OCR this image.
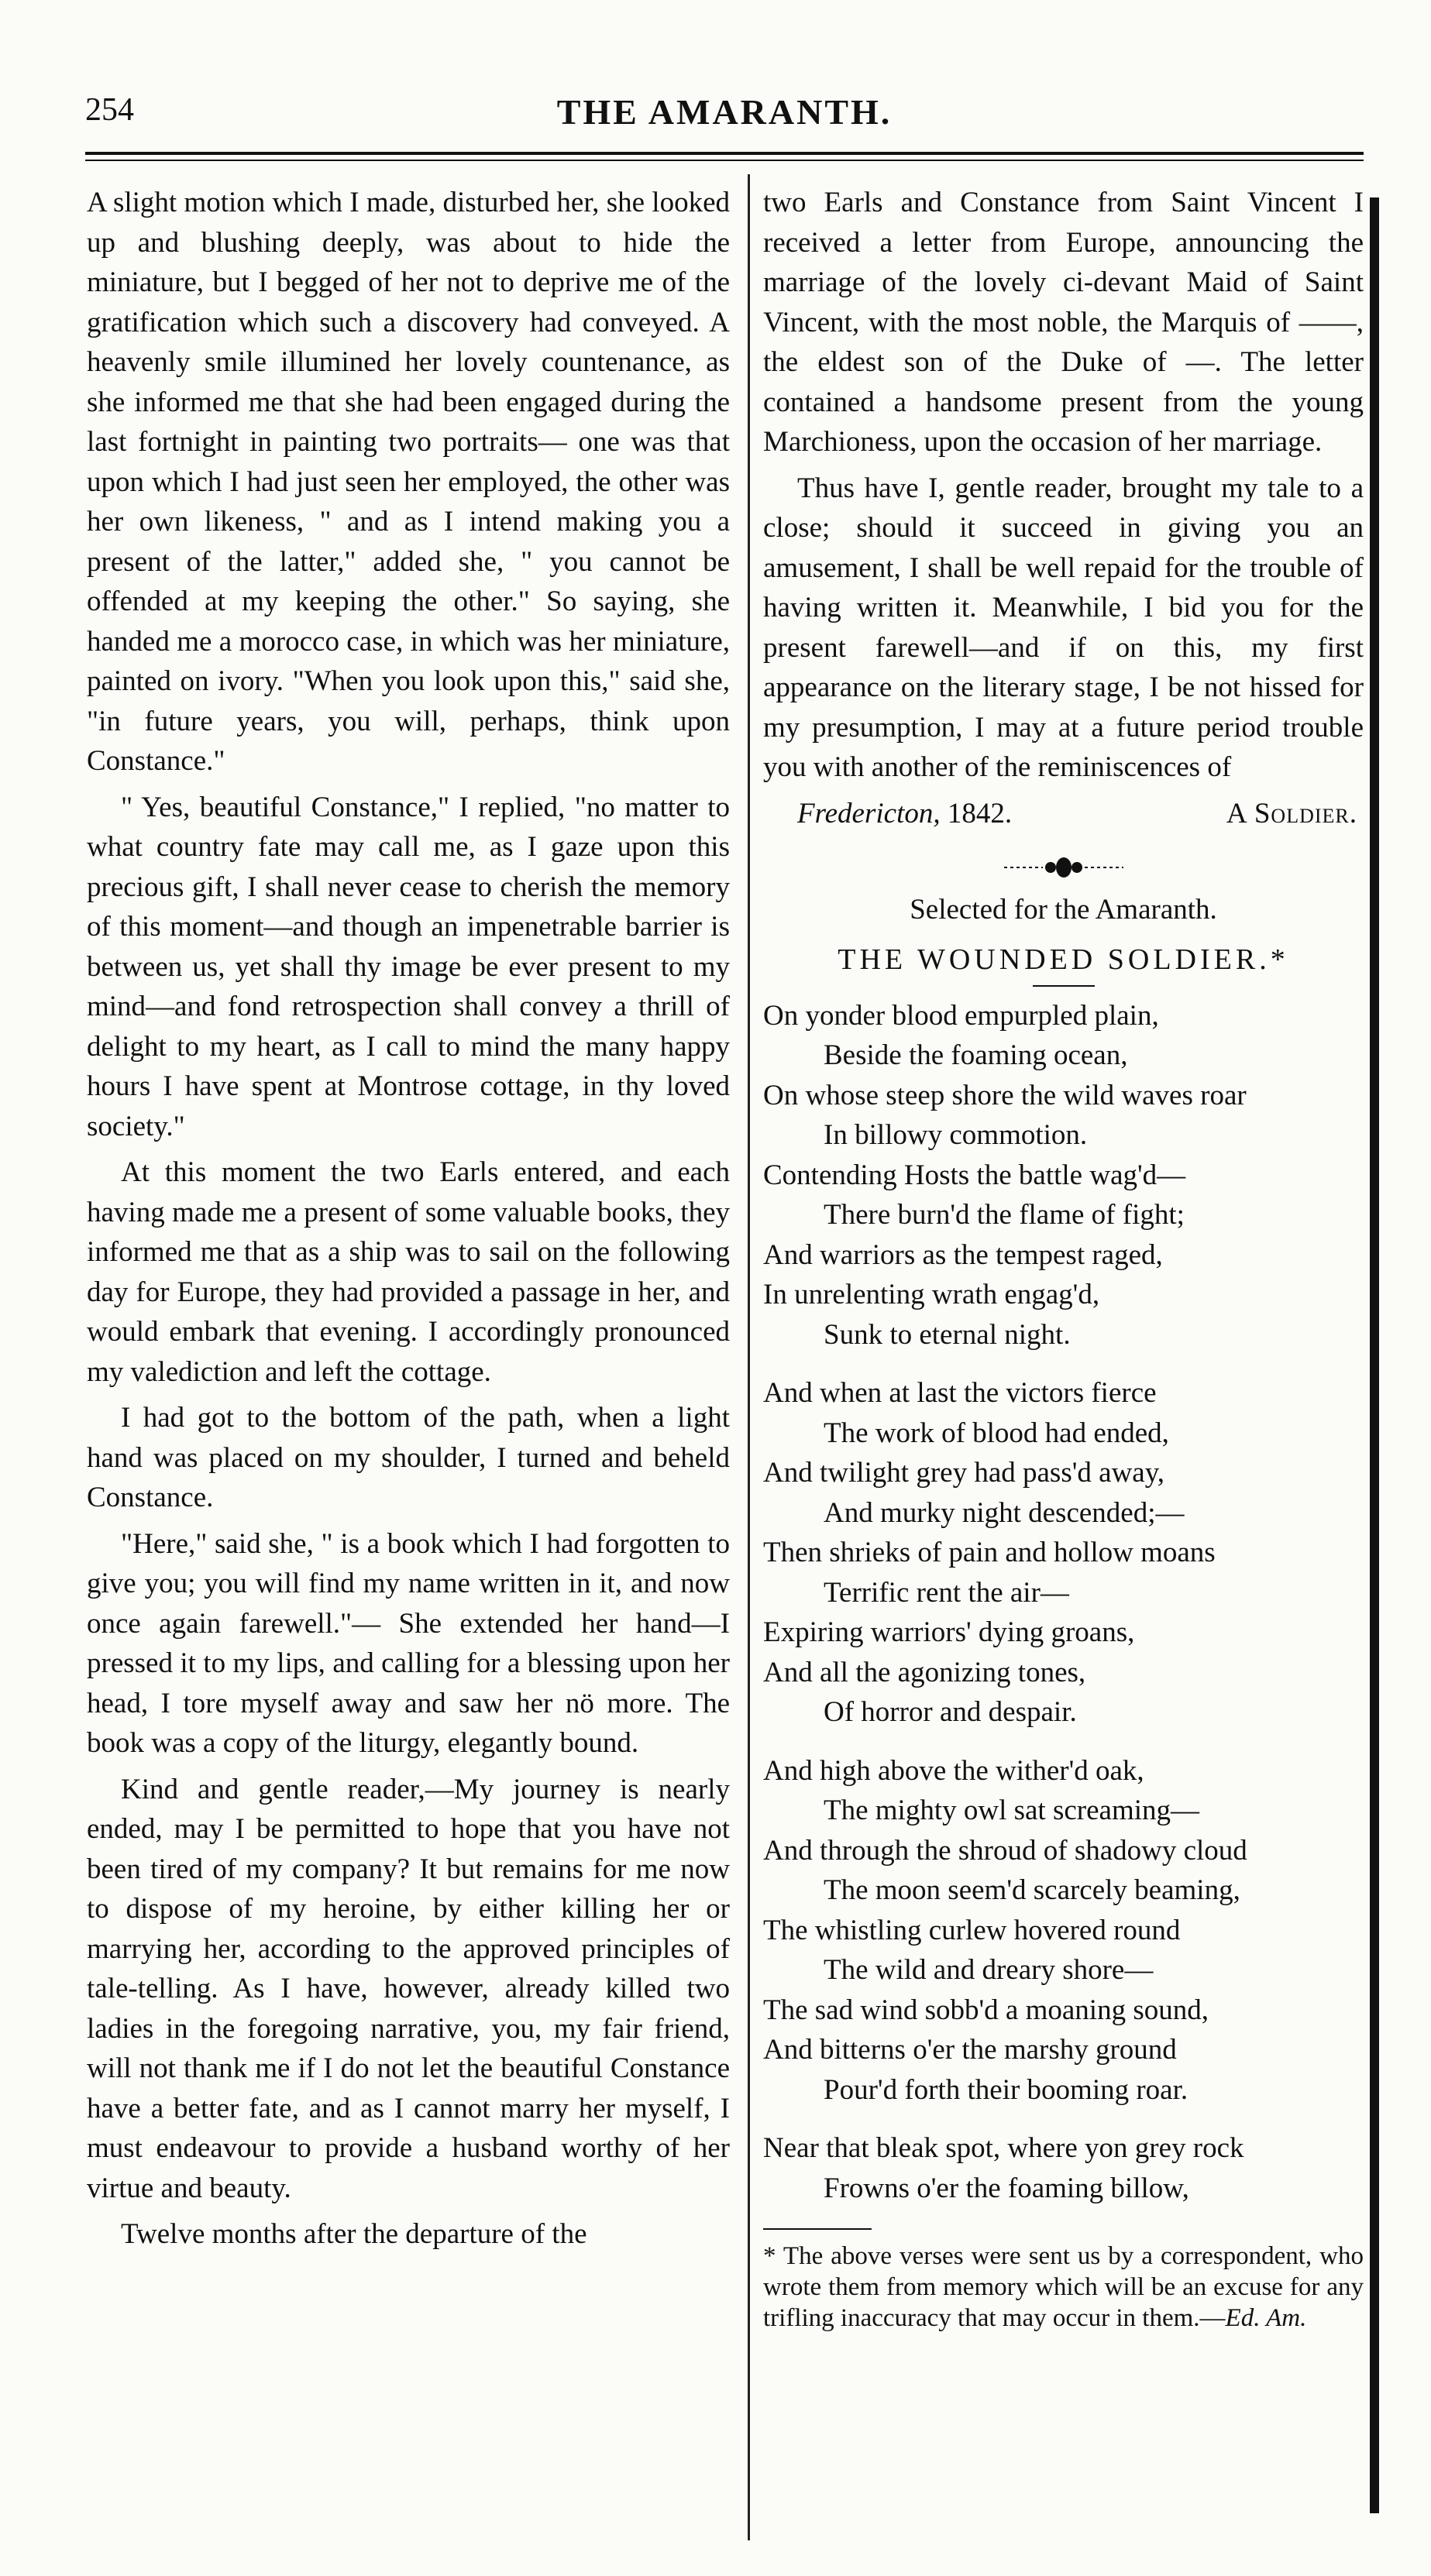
254	THE AMARANTH.

A slight motion which I made, disturbed her, she looked up and blushing deeply, was about to hide the miniature, but I begged of her not to deprive me of the gratification which such a discovery had conveyed. A heavenly smile illumined her lovely countenance, as she informed me that she had been engaged during the last fortnight in painting two portraits— one was that upon which I had just seen her employed, the other was her own likeness, " and as I intend making you a present of the latter," added she, " you cannot be offended at my keeping the other." So saying, she handed me a morocco case, in which was her miniature, painted on ivory. "When you look upon this," said she, "in future years, you will, perhaps, think upon Constance."

" Yes, beautiful Constance," I replied, "no matter to what country fate may call me, as I gaze upon this precious gift, I shall never cease to cherish the memory of this moment—and though an impenetrable barrier is between us, yet shall thy image be ever present to my mind—and fond retrospection shall convey a thrill of delight to my heart, as I call to mind the many happy hours I have spent at Montrose cottage, in thy loved society."

At this moment the two Earls entered, and each having made me a present of some valuable books, they informed me that as a ship was to sail on the following day for Europe, they had provided a passage in her, and would embark that evening. I accordingly pronounced my valediction and left the cottage.

I had got to the bottom of the path, when a light hand was placed on my shoulder, I turned and beheld Constance.

"Here," said she, " is a book which I had forgotten to give you; you will find my name written in it, and now once again farewell."— She extended her hand—I pressed it to my lips, and calling for a blessing upon her head, I tore myself away and saw her nö more. The book was a copy of the liturgy, elegantly bound.

Kind and gentle reader,—My journey is nearly ended, may I be permitted to hope that you have not been tired of my company? It but remains for me now to dispose of my heroine, by either killing her or marrying her, according to the approved principles of tale-telling. As I have, however, already killed two ladies in the foregoing narrative, you, my fair friend, will not thank me if I do not let the beautiful Constance have a better fate, and as I cannot marry her myself, I must endeavour to provide a husband worthy of her virtue and beauty.

Twelve months after the departure of the

two Earls and Constance from Saint Vincent I received a letter from Europe, announcing the marriage of the lovely ci-devant Maid of Saint Vincent, with the most noble, the Marquis of ——, the eldest son of the Duke of —. The letter contained a handsome present from the young Marchioness, upon the occasion of her marriage.

Thus have I, gentle reader, brought my tale to a close; should it succeed in giving you an amusement, I shall be well repaid for the trouble of having written it. Meanwhile, I bid you for the present farewell—and if on this, my first appearance on the literary stage, I be not hissed for my presumption, I may at a future period trouble you with another of the reminiscences of

Fredericton, 1842.	A Soldier.
Selected for the Amaranth.
THE WOUNDED SOLDIER.*
On yonder blood empurpled plain,
Beside the foaming ocean,
On whose steep shore the wild waves roar
In billowy commotion.
Contending Hosts the battle wag'd—
There burn'd the flame of fight;
And warriors as the tempest raged,
In unrelenting wrath engag'd,
Sunk to eternal night.
And when at last the victors fierce
The work of blood had ended,
And twilight grey had pass'd away,
And murky night descended;—
Then shrieks of pain and hollow moans
Terrific rent the air—
Expiring warriors' dying groans,
And all the agonizing tones,
Of horror and despair.
And high above the wither'd oak,
The mighty owl sat screaming—
And through the shroud of shadowy cloud
The moon seem'd scarcely beaming,
The whistling curlew hovered round
The wild and dreary shore—
The sad wind sobb'd a moaning sound,
And bitterns o'er the marshy ground
Pour'd forth their booming roar.
Near that bleak spot, where yon grey rock
Frowns o'er the foaming billow,
* The above verses were sent us by a correspondent, who wrote them from memory which will be an excuse for any trifling inaccuracy that may occur in them.—Ed. Am.
